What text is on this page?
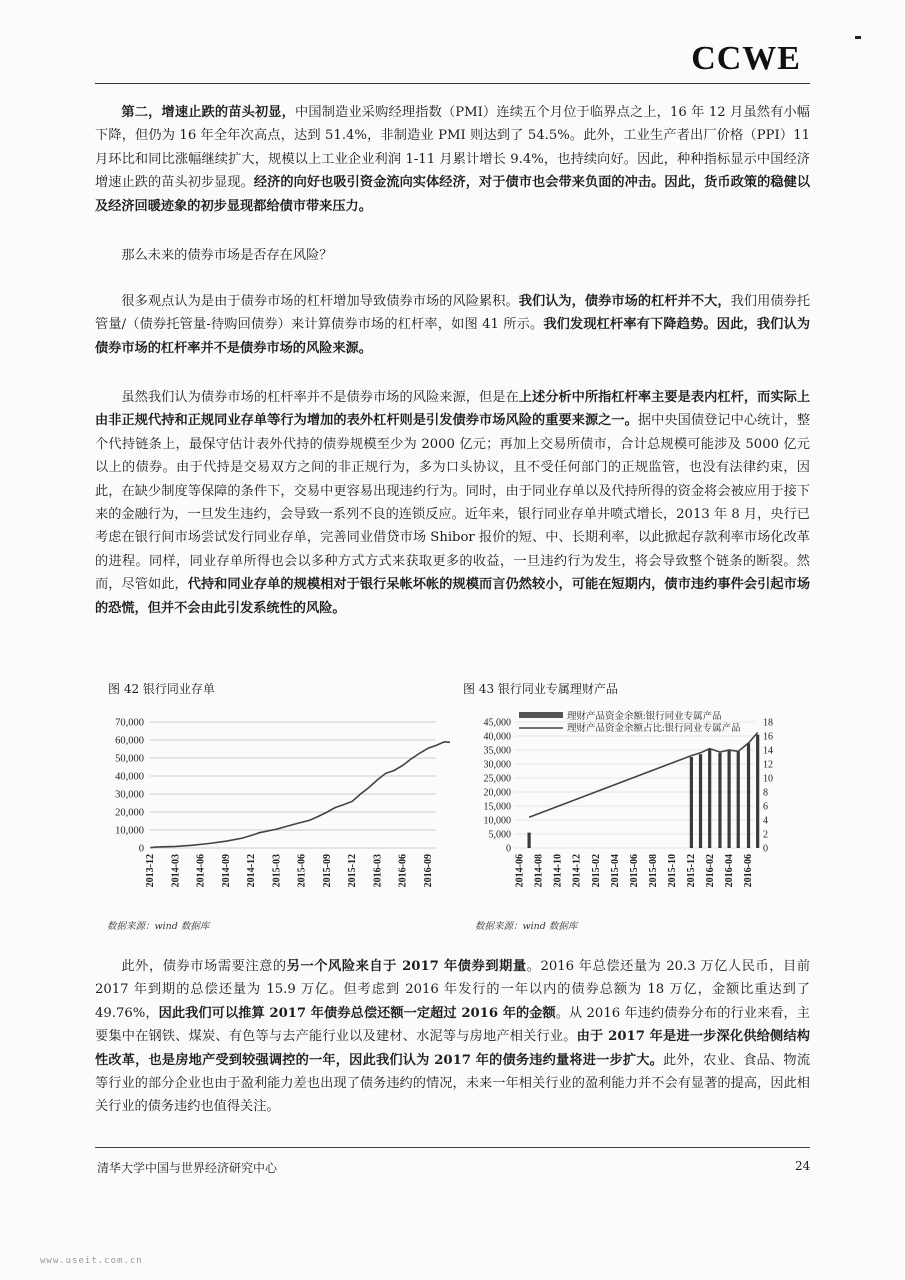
CCWE
第二，增速止跌的苗头初显，中国制造业采购经理指数（PMI）连续五个月位于临界点之上，16 年 12 月虽然有小幅下降，但仍为 16 年全年次高点，达到 51.4%，非制造业 PMI 则达到了 54.5%。此外，工业生产者出厂价格（PPI）11 月环比和同比涨幅继续扩大，规模以上工业企业利润 1-11 月累计增长 9.4%，也持续向好。因此，种种指标显示中国经济增速止跌的苗头初步显现。经济的向好也吸引资金流向实体经济，对于债市也会带来负面的冲击。因此，货币政策的稳健以及经济回暖迹象的初步显现都给债市带来压力。
那么未来的债券市场是否存在风险？
很多观点认为是由于债券市场的杠杆增加导致债券市场的风险累积。我们认为，债券市场的杠杆并不大，我们用债券托管量/（债券托管量-待购回债券）来计算债券市场的杠杆率，如图 41 所示。我们发现杠杆率有下降趋势。因此，我们认为债券市场的杠杆率并不是债券市场的风险来源。
虽然我们认为债券市场的杠杆率并不是债券市场的风险来源，但是在上述分析中所指杠杆率主要是表内杠杆，而实际上由非正规代持和正规同业存单等行为增加的表外杠杆则是引发债券市场风险的重要来源之一。据中央国债登记中心统计，整个代持链条上，最保守估计表外代持的债券规模至少为 2000 亿元；再加上交易所债市，合计总规模可能涉及 5000 亿元以上的债券。由于代持是交易双方之间的非正规行为，多为口头协议，且不受任何部门的正规监管，也没有法律约束，因此，在缺少制度等保障的条件下，交易中更容易出现违约行为。同时，由于同业存单以及代持所得的资金将会被应用于接下来的金融行为，一旦发生违约，会导致一系列不良的连锁反应。近年来，银行同业存单井喷式增长，2013 年 8 月，央行已考虑在银行间市场尝试发行同业存单，完善同业借贷市场 Shibor 报价的短、中、长期利率，以此掀起存款利率市场化改革的进程。同样，同业存单所得也会以多种方式方式来获取更多的收益，一旦违约行为发生，将会导致整个链条的断裂。然而，尽管如此，代持和同业存单的规模相对于银行呆帐坏帐的规模而言仍然较小，可能在短期内，债市违约事件会引起市场的恐慌，但并不会由此引发系统性的风险。
图 42 银行同业存单
0
10,000
20,000
30,000
40,000
50,000
60,000
70,000
2013-12 2014-03 2014-06 2014-09 2014-12 2015-03 2015-06 2015-09 2015-12 2016-03 2016-06 2016-09
数据来源：wind 数据库
图 43 银行同业专属理财产品
0
5,000
10,000
15,000
20,000
25,000
30,000
35,000
40,000
45,000
0
2
4
6
8
10
12
14
16
18
2014-06 2014-08 2014-10 2014-12 2015-02 2015-04 2015-06 2015-08 2015-10 2015-12 2016-02 2016-04 2016-06
理财产品资金余额:银行同业专属产品
理财产品资金余额占比:银行同业专属产品
数据来源：wind 数据库
此外，债券市场需要注意的另一个风险来自于 2017 年债券到期量。2016 年总偿还量为 20.3 万亿人民币，目前 2017 年到期的总偿还量为 15.9 万亿。但考虑到 2016 年发行的一年以内的债券总额为 18 万亿，金额比重达到了 49.76%，因此我们可以推算 2017 年债券总偿还额一定超过 2016 年的金额。从 2016 年违约债券分布的行业来看，主要集中在钢铁、煤炭、有色等与去产能行业以及建材、水泥等与房地产相关行业。由于 2017 年是进一步深化供给侧结构性改革，也是房地产受到较强调控的一年，因此我们认为 2017 年的债务违约量将进一步扩大。此外，农业、食品、物流等行业的部分企业也由于盈利能力差也出现了债务违约的情况，未来一年相关行业的盈利能力并不会有显著的提高，因此相关行业的债务违约也值得关注。
清华大学中国与世界经济研究中心	24
www.useit.com.cn
